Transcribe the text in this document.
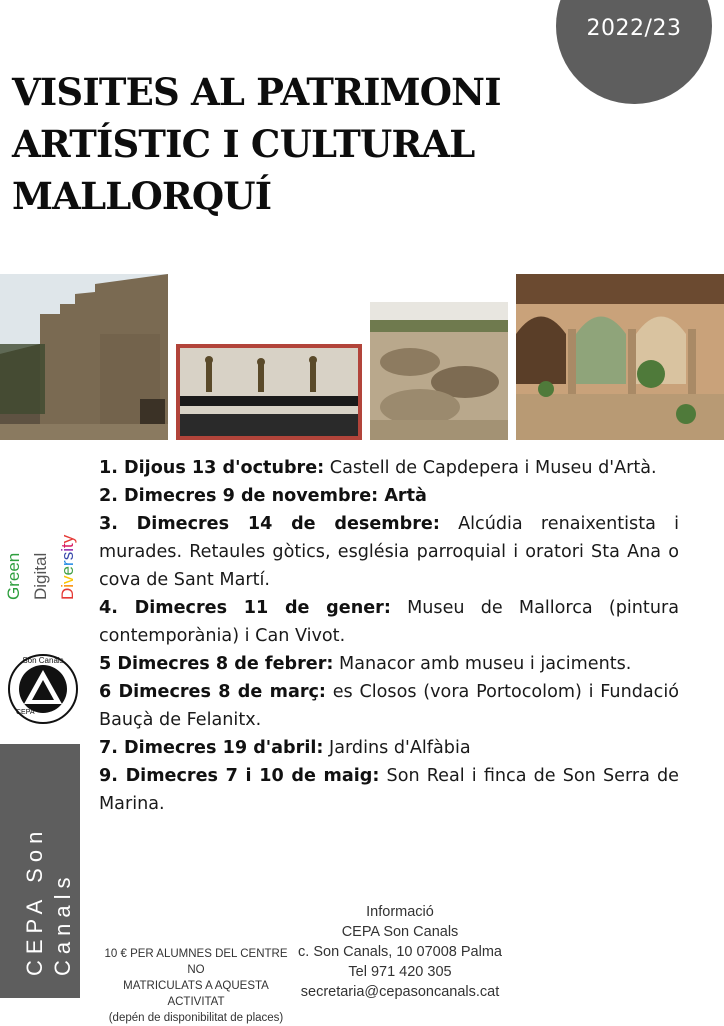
2022/23
VISITES AL PATRIMONI
ARTÍSTIC I CULTURAL
MALLORQUÍ
1. Dijous 13 d'octubre: Castell de Capdepera i Museu d'Artà.
2. Dimecres 9 de novembre: Artà
3. Dimecres 14 de desembre: Alcúdia renaixentista i murades. Retaules gòtics, església parroquial i oratori Sta Ana o cova de Sant Martí.
4. Dimecres 11 de gener: Museu de Mallorca (pintura contemporània) i Can Vivot.
5 Dimecres 8 de febrer: Manacor amb museu i jaciments.
6 Dimecres 8 de març: es Closos (vora Portocolom) i Fundació Bauçà de Felanitx.
7. Dimecres 19 d'abril: Jardins d'Alfàbia
9. Dimecres 7 i 10 de maig: Son Real i finca de Son Serra de Marina.
Green Digital Diversity
Son Canals
CEPA
CEPA Son Canals	10 € PER ALUMNES DEL CENTRE NO
MATRICULATS A AQUESTA ACTIVITAT
(depén de disponibilitat de places)
Informació
CEPA Son Canals
c. Son Canals, 10 07008 Palma
Tel 971 420 305
secretaria@cepasoncanals.cat
